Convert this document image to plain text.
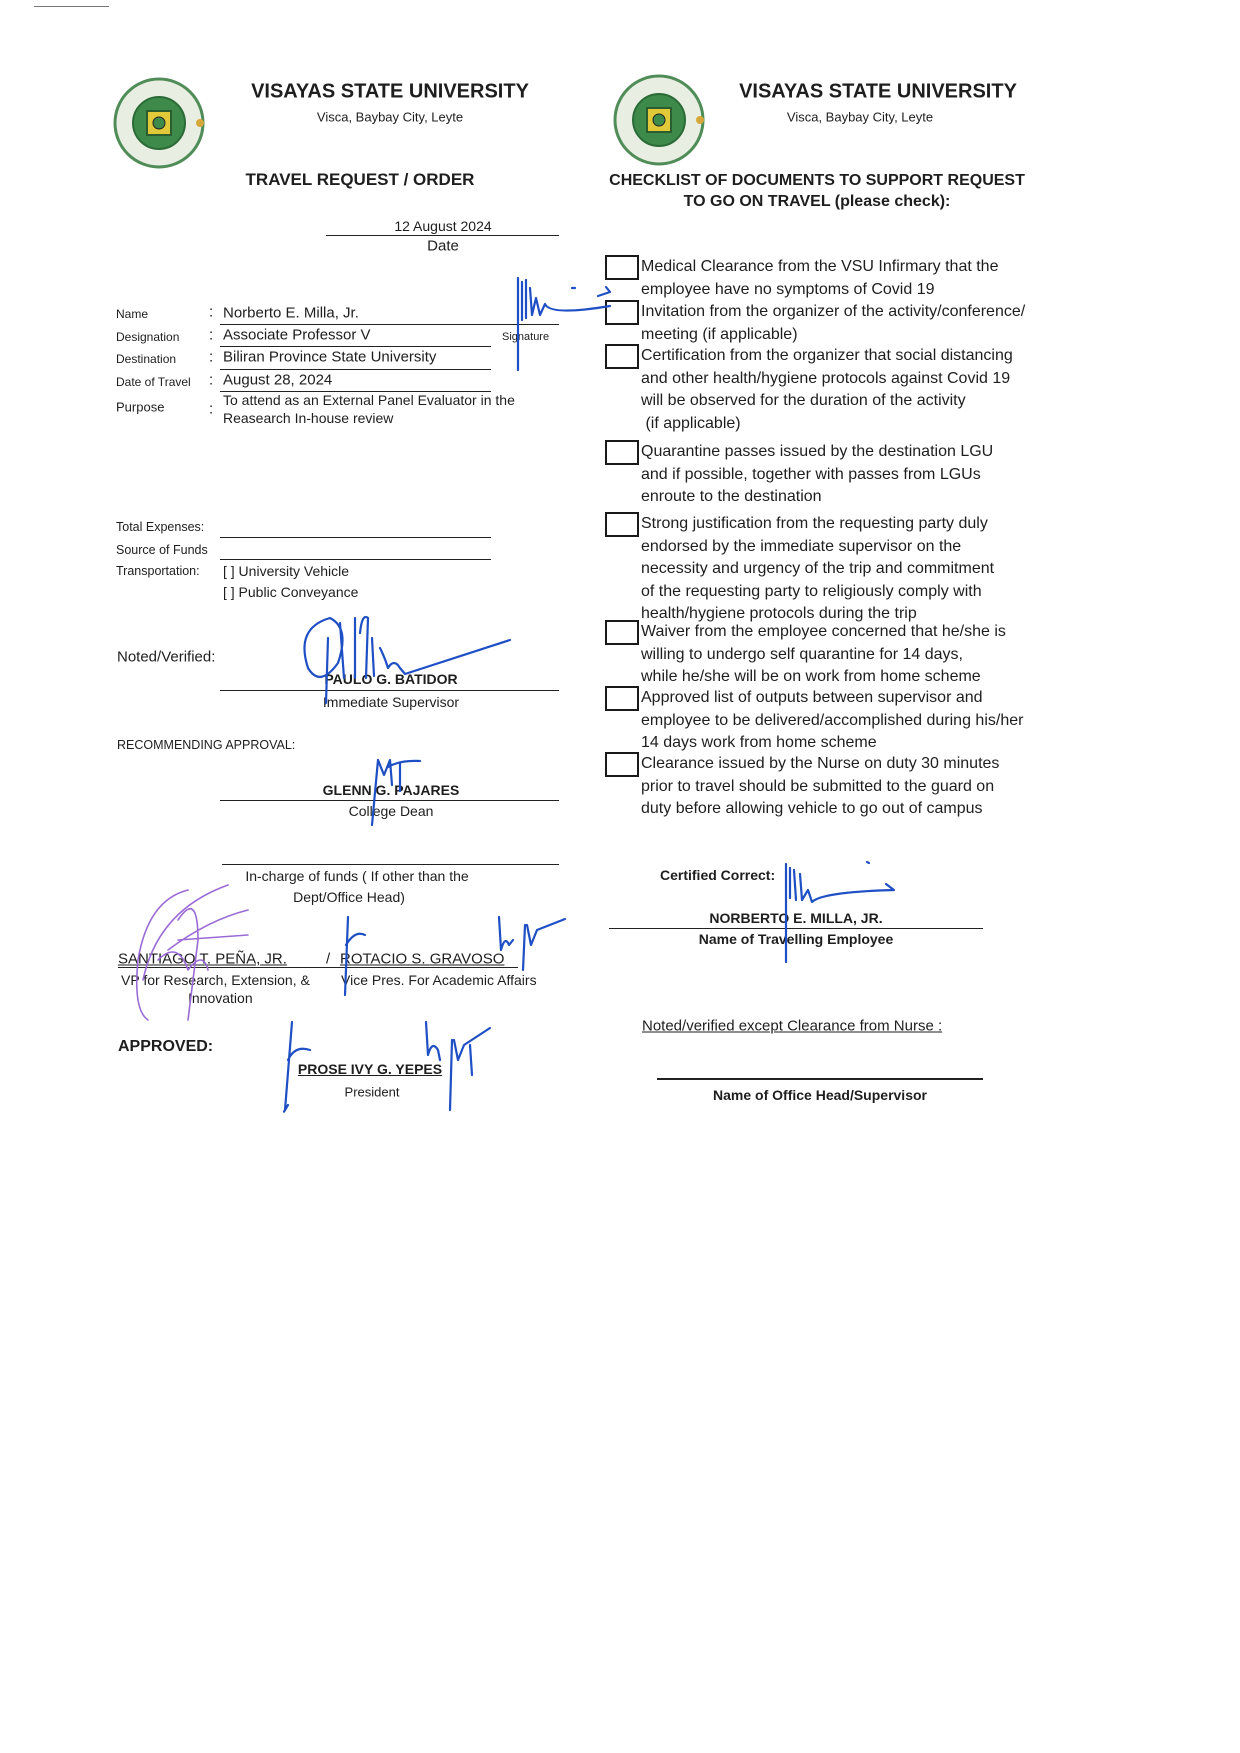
VISAYAS STATE UNIVERSITY
Visca, Baybay City, Leyte
TRAVEL REQUEST / ORDER
VISAYAS STATE UNIVERSITY
Visca, Baybay City, Leyte
CHECKLIST OF DOCUMENTS TO SUPPORT REQUEST
TO GO ON TRAVEL (please check):
12 August 2024
Date
Name	: Norberto E. Milla, Jr.
Designation : Associate Professor V	Signature
Destination : Biliran Province State University
Date of Travel : August 28, 2024
Purpose	:
To attend as an External Panel Evaluator in the
Reasearch In-house review
Total Expenses:
Source of Funds
Transportation: [ ] University Vehicle
[ ] Public Conveyance
Noted/Verified:
PAULO G. BATIDOR
Immediate Supervisor
RECOMMENDING APPROVAL:
GLENN G. PAJARES
College Dean
In-charge of funds ( If other than the
Dept/Office Head)
SANTIAGO T. PEÑA, JR.	/ ROTACIO S. GRAVOSO
VP for Research, Extension, &
Innovation
Vice Pres. For Academic Affairs
APPROVED:
PROSE IVY G. YEPES
President
Medical Clearance from the VSU Infirmary that the
employee have no symptoms of Covid 19
Invitation from the organizer of the activity/conference/
meeting (if applicable)
Certification from the organizer that social distancing
and other health/hygiene protocols against Covid 19
will be observed for the duration of the activity
(if applicable)
Quarantine passes issued by the destination LGU
and if possible, together with passes from LGUs
enroute to the destination
Strong justification from the requesting party duly
endorsed by the immediate supervisor on the
necessity and urgency of the trip and commitment
of the requesting party to religiously comply with
health/hygiene protocols during the trip
Waiver from the employee concerned that he/she is
willing to undergo self quarantine for 14 days,
while he/she will be on work from home scheme
Approved list of outputs between supervisor and
employee to be delivered/accomplished during his/her
14 days work from home scheme
Clearance issued by the Nurse on duty 30 minutes
prior to travel should be submitted to the guard on
duty before allowing vehicle to go out of campus
Certified Correct:
NORBERTO E. MILLA, JR.
Name of Travelling Employee
Noted/verified except Clearance from Nurse :
Name of Office Head/Supervisor
